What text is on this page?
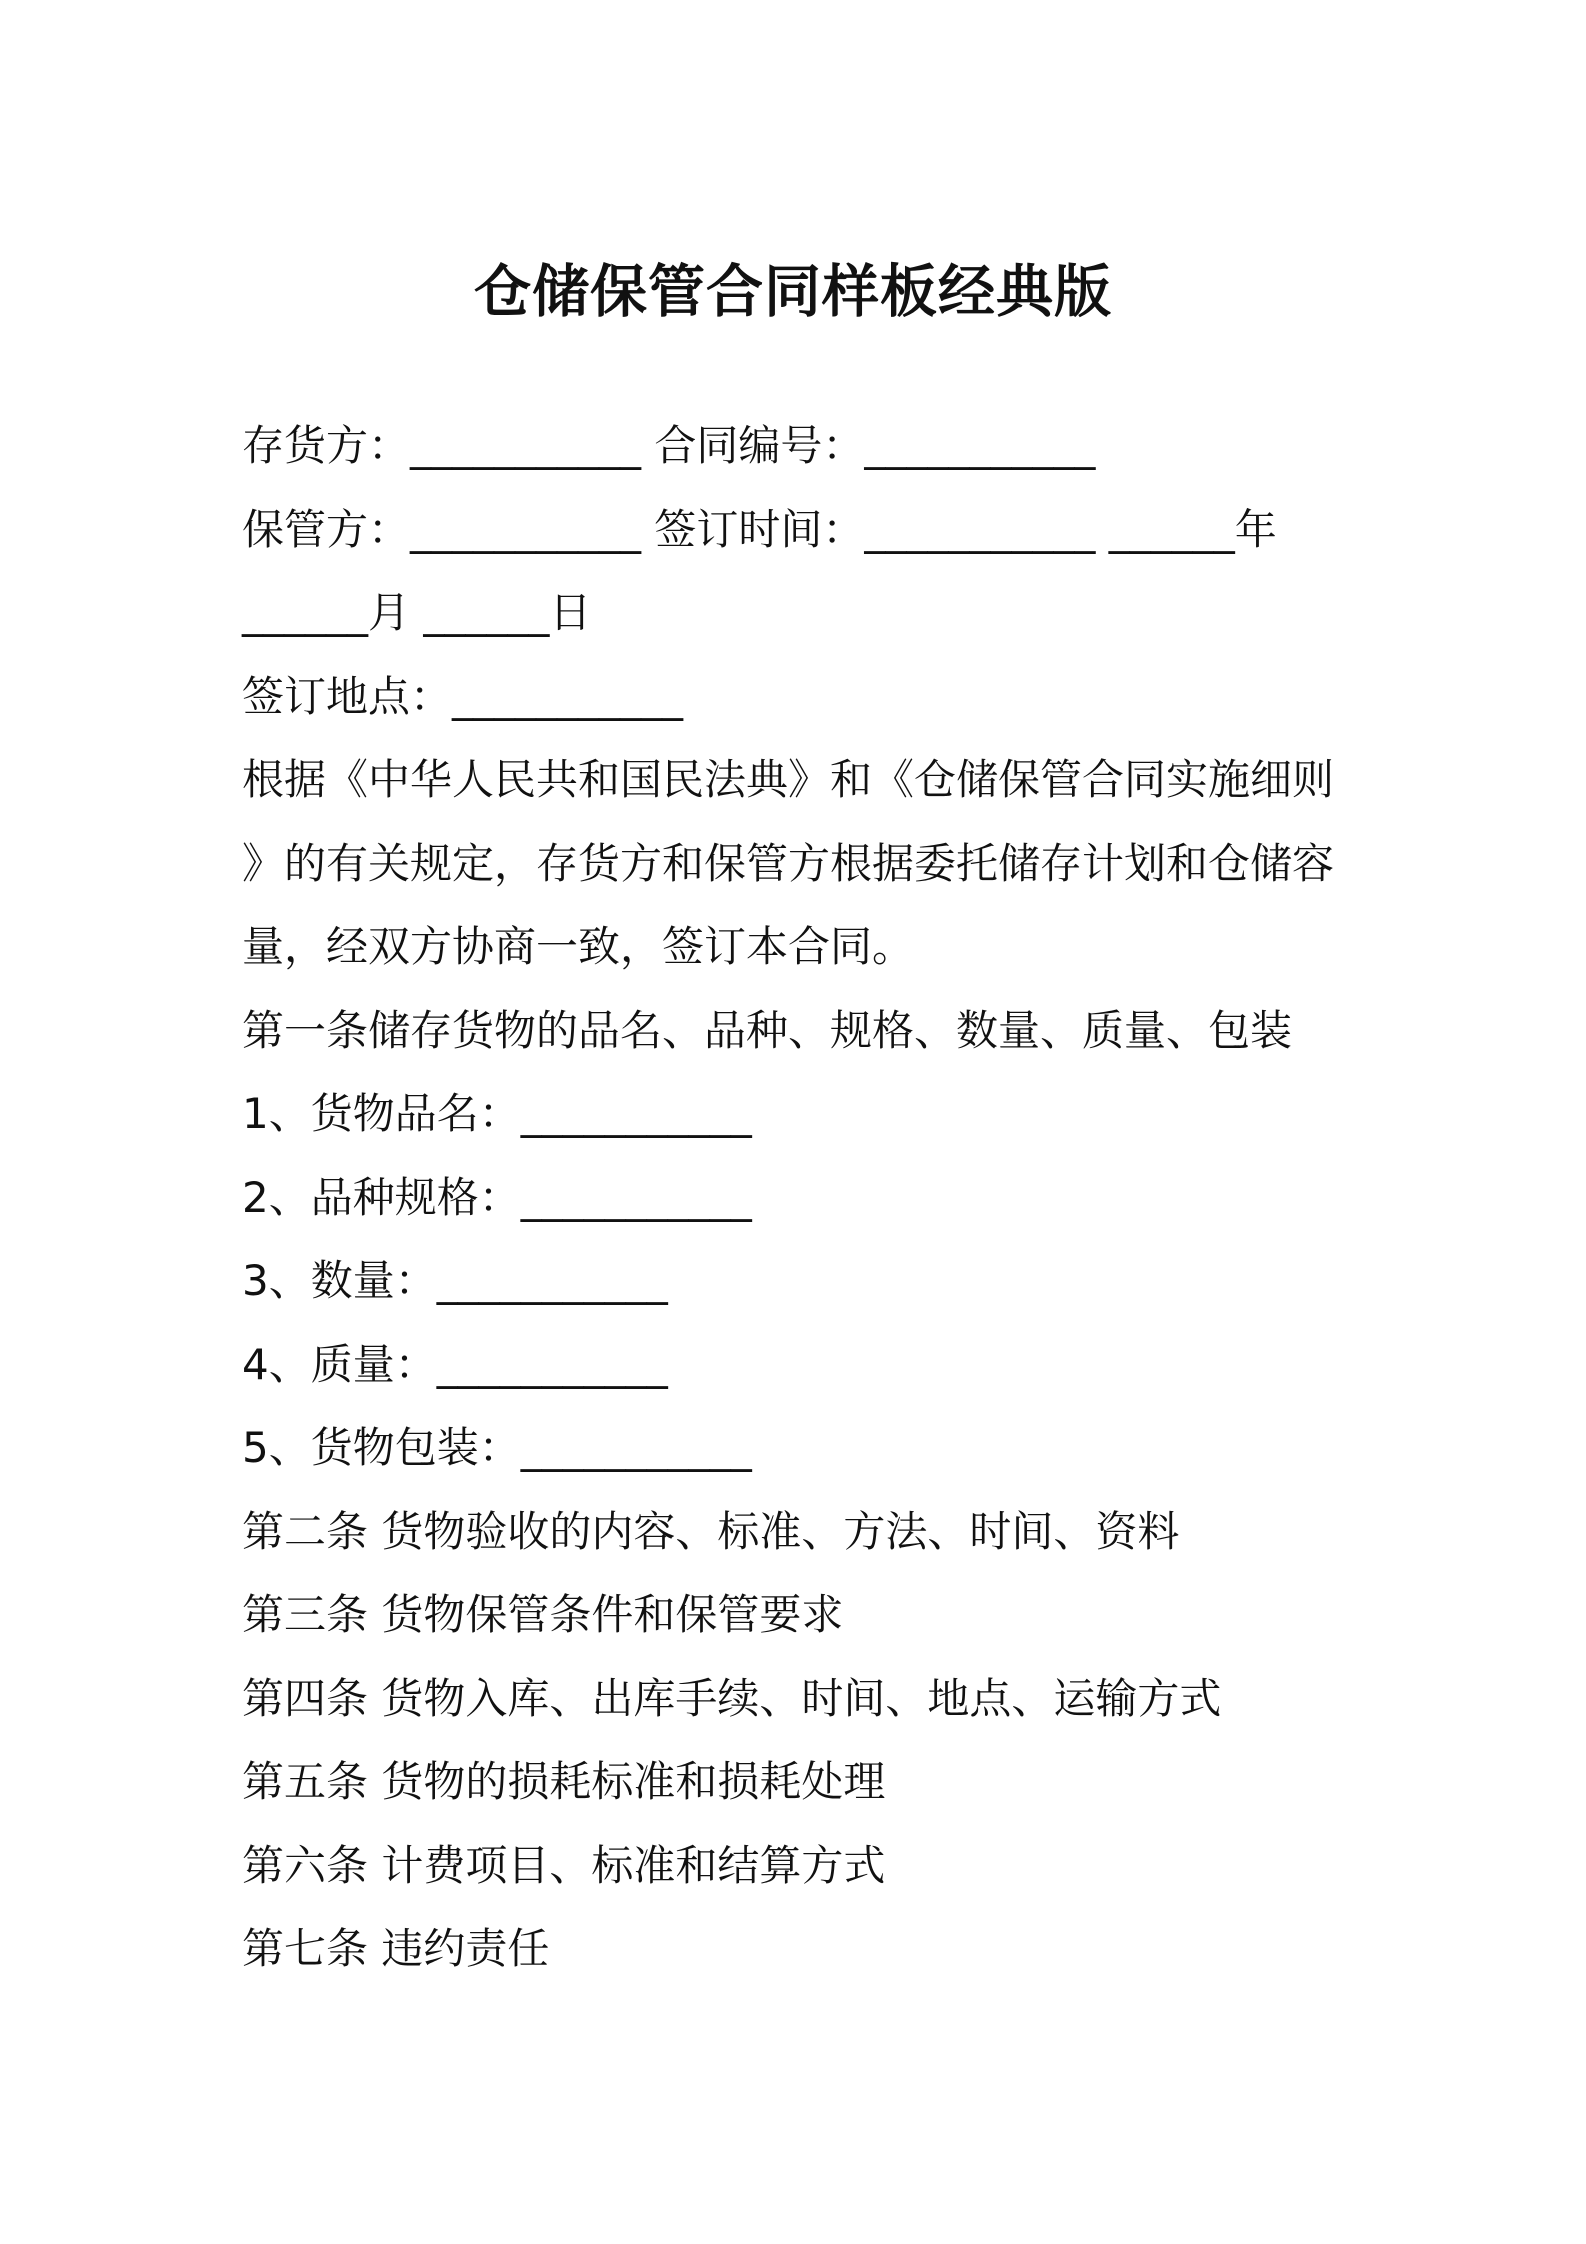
仓储保管合同样板经典版
存货方：___________ 合同编号：___________
保管方：___________ 签订时间：___________ ______年
______月 ______日
签订地点：___________
根据《中华人民共和国民法典》和《仓储保管合同实施细则
》的有关规定，存货方和保管方根据委托储存计划和仓储容
量，经双方协商一致，签订本合同。
第一条储存货物的品名、品种、规格、数量、质量、包装
1、货物品名：___________
2、品种规格：___________
3、数量：___________
4、质量：___________
5、货物包装：___________
第二条 货物验收的内容、标准、方法、时间、资料
第三条 货物保管条件和保管要求
第四条 货物入库、出库手续、时间、地点、运输方式
第五条 货物的损耗标准和损耗处理
第六条 计费项目、标准和结算方式
第七条 违约责任
